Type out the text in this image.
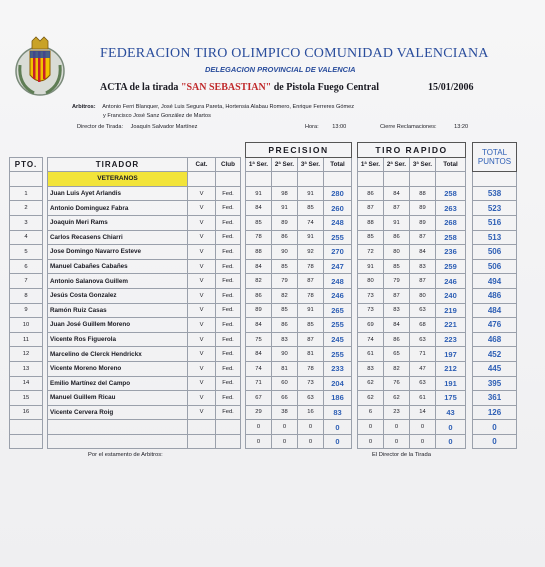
FEDERACION TIRO OLIMPICO COMUNIDAD VALENCIANA
DELEGACION PROVINCIAL DE VALENCIA
ACTA de la tirada "SAN SEBASTIAN" de Pistola Fuego Central	15/01/2006
Arbitros: Antonio Ferri Blanquer, José Luis Segura Pareta, Hortensia Alabau Romero, Enrique Ferreres Gómez
y Francisco José Sanz González de Martos
Director de Tirada: Joaquín Salvador Martínez	Hora: 13:00	Cierre Reclamaciones:	13:20
						PRECISION					TIRO RAPIDO					TOTAL
PUNTOS
PTO.		TIRADOR	Cat.	Club		1ª Ser.	2ª Ser.	3ª Ser.	Total		1ª Ser.	2ª Ser.	3ª Ser.	Total		
		VETERANOS														
1		Juan Luis Ayet Arlandis	V	Fed.		91	98	91	280		86	84	88	258		538
2		Antonio Dominguez Fabra	V	Fed.		84	91	85	260		87	87	89	263		523
3		Joaquín Meri Rams	V	Fed.		85	89	74	248		88	91	89	268		516
4		Carlos Recasens Chiarri	V	Fed.		78	86	91	255		85	86	87	258		513
5		Jose Domingo Navarro Esteve	V	Fed.		88	90	92	270		72	80	84	236		506
6		Manuel Cabañes Cabañes	V	Fed.		84	85	78	247		91	85	83	259		506
7		Antonio Salanova Guillem	V	Fed.		82	79	87	248		80	79	87	246		494
8		Jesús Costa Gonzalez	V	Fed.		86	82	78	246		73	87	80	240		486
9		Ramón Ruiz Casas	V	Fed.		89	85	91	265		73	83	63	219		484
10		Juan José Guillem Moreno	V	Fed.		84	86	85	255		69	84	68	221		476
11		Vicente Ros Figuerola	V	Fed.		75	83	87	245		74	86	63	223		468
12		Marcelino de Clerck Hendrickx	V	Fed.		84	90	81	255		61	65	71	197		452
13		Vicente Moreno Moreno	V	Fed.		74	81	78	233		83	82	47	212		445
14		Emilio Martínez del Campo	V	Fed.		71	60	73	204		62	76	63	191		395
15		Manuel Guillem Ricau	V	Fed.		67	66	63	186		62	62	61	175		361
16		Vicente Cervera Roig	V	Fed.		29	38	16	83		6	23	14	43		126
						0	0	0	0		0	0	0	0		0
						0	0	0	0		0	0	0	0		0
Por el estamento de Arbitros:	El Director de la Tirada
